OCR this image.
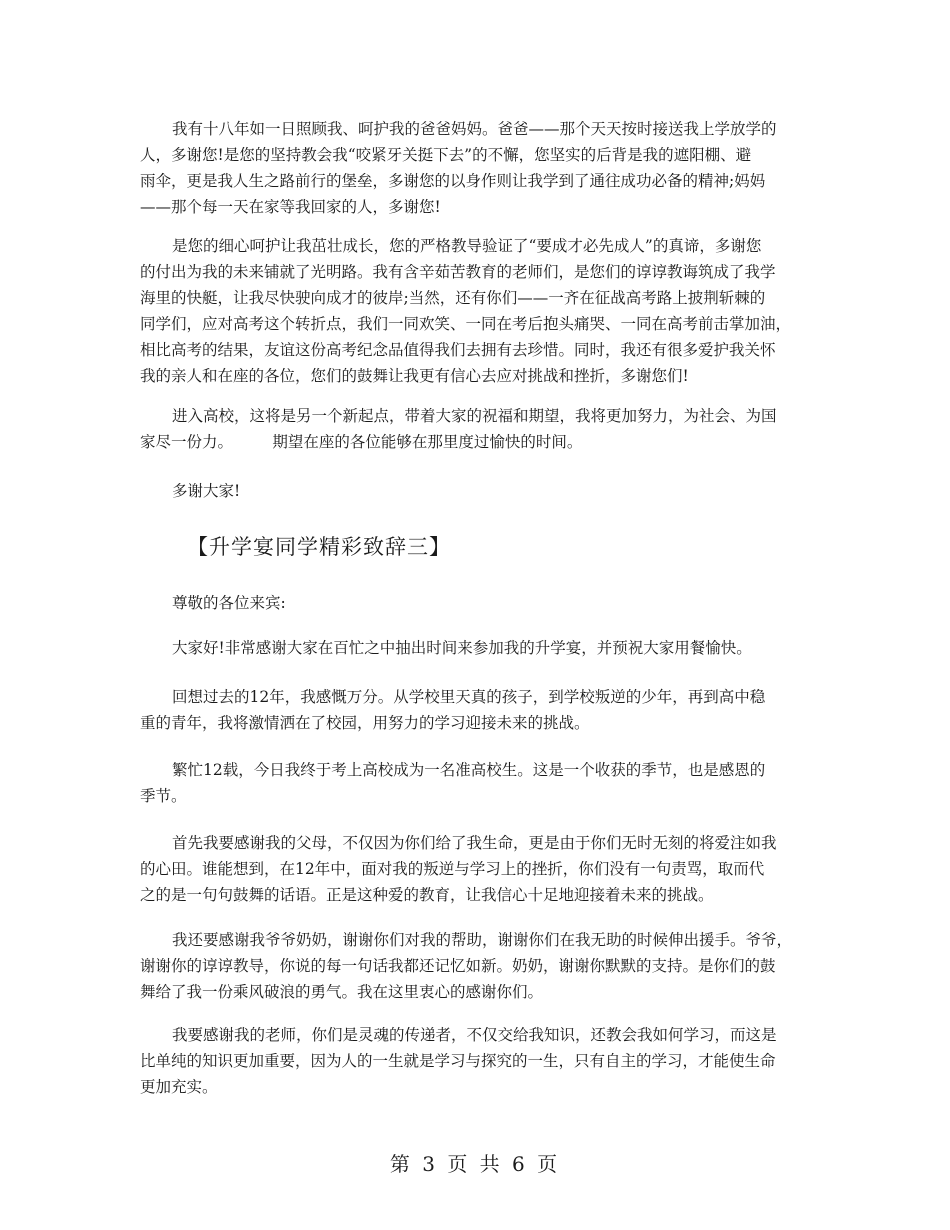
我有十八年如一日照顾我、呵护我的爸爸妈妈。爸爸——那个天天按时接送我上学放学的
人，多谢您!是您的坚持教会我“咬紧牙关挺下去”的不懈，您坚实的后背是我的遮阳棚、避
雨伞，更是我人生之路前行的堡垒，多谢您的以身作则让我学到了通往成功必备的精神;妈妈
——那个每一天在家等我回家的人，多谢您!

是您的细心呵护让我茁壮成长，您的严格教导验证了“要成才必先成人”的真谛，多谢您
的付出为我的未来铺就了光明路。我有含辛茹苦教育的老师们，是您们的谆谆教诲筑成了我学
海里的快艇，让我尽快驶向成才的彼岸;当然，还有你们——一齐在征战高考路上披荆斩棘的
同学们，应对高考这个转折点，我们一同欢笑、一同在考后抱头痛哭、一同在高考前击掌加油，
相比高考的结果，友谊这份高考纪念品值得我们去拥有去珍惜。同时，我还有很多爱护我关怀
我的亲人和在座的各位，您们的鼓舞让我更有信心去应对挑战和挫折，多谢您们!

进入高校，这将是另一个新起点，带着大家的祝福和期望，我将更加努力，为社会、为国
家尽一份力。        期望在座的各位能够在那里度过愉快的时间。

多谢大家!

【升学宴同学精彩致辞三】

尊敬的各位来宾:

大家好!非常感谢大家在百忙之中抽出时间来参加我的升学宴，并预祝大家用餐愉快。

回想过去的12年，我感慨万分。从学校里天真的孩子，到学校叛逆的少年，再到高中稳
重的青年，我将激情洒在了校园，用努力的学习迎接未来的挑战。

繁忙12载，今日我终于考上高校成为一名准高校生。这是一个收获的季节，也是感恩的
季节。

首先我要感谢我的父母，不仅因为你们给了我生命，更是由于你们无时无刻的将爱注如我
的心田。谁能想到，在12年中，面对我的叛逆与学习上的挫折，你们没有一句责骂，取而代
之的是一句句鼓舞的话语。正是这种爱的教育，让我信心十足地迎接着未来的挑战。

我还要感谢我爷爷奶奶，谢谢你们对我的帮助，谢谢你们在我无助的时候伸出援手。爷爷，
谢谢你的谆谆教导，你说的每一句话我都还记忆如新。奶奶，谢谢你默默的支持。是你们的鼓
舞给了我一份乘风破浪的勇气。我在这里衷心的感谢你们。

我要感谢我的老师，你们是灵魂的传递者，不仅交给我知识，还教会我如何学习，而这是
比单纯的知识更加重要，因为人的一生就是学习与探究的一生，只有自主的学习，才能使生命
更加充实。

第 3 页 共 6 页
